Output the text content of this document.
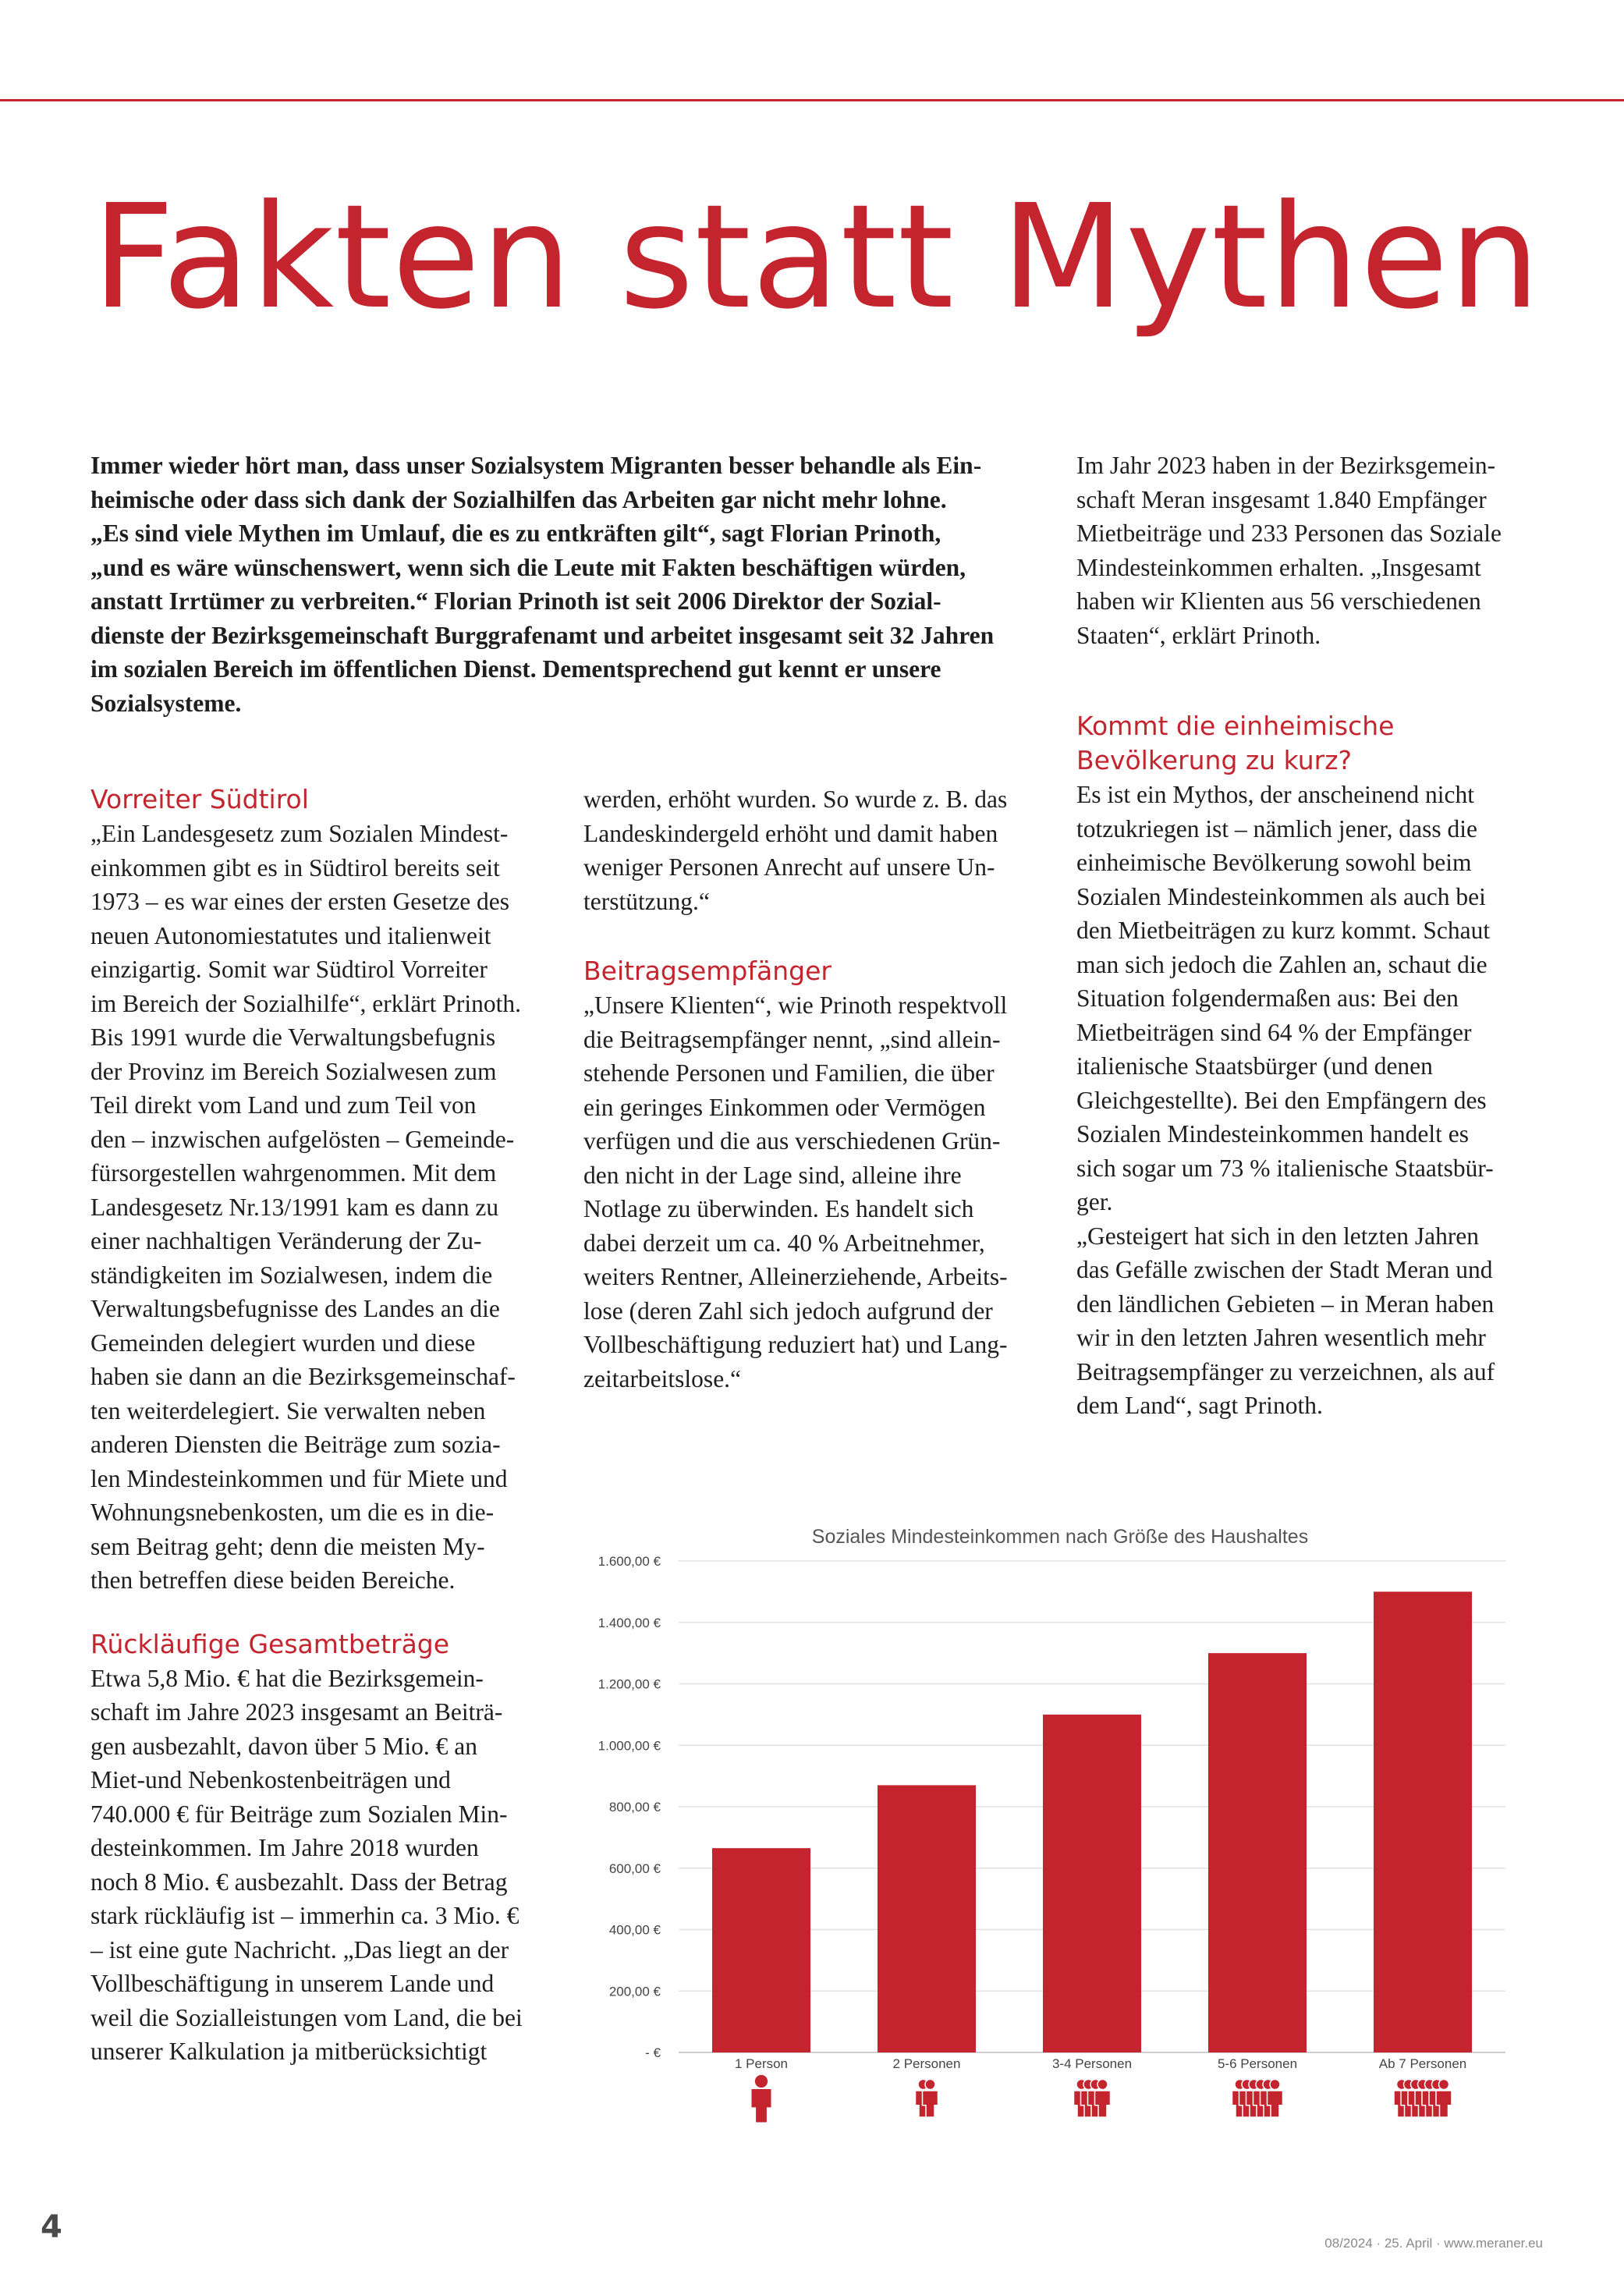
Fakten statt Mythen

Immer wieder hört man, dass unser Sozialsystem Migranten besser behandle als Ein-

heimische oder dass sich dank der Sozialhilfen das Arbeiten gar nicht mehr lohne.

„Es sind viele Mythen im Umlauf, die es zu entkräften gilt“, sagt Florian Prinoth,

„und es wäre wünschenswert, wenn sich die Leute mit Fakten beschäftigen würden,

anstatt Irrtümer zu verbreiten.“ Florian Prinoth ist seit 2006 Direktor der Sozial-

dienste der Bezirksgemeinschaft Burggrafenamt und arbeitet insgesamt seit 32 Jahren

im sozialen Bereich im öffentlichen Dienst. Dementsprechend gut kennt er unsere

Sozialsysteme.

Im Jahr 2023 haben in der Bezirksgemein-

schaft Meran insgesamt 1.840 Empfänger

Mietbeiträge und 233 Personen das Soziale

Mindesteinkommen erhalten. „Insgesamt

haben wir Klienten aus 56 verschiedenen

Staaten“, erklärt Prinoth.

Vorreiter Südtirol

„Ein Landesgesetz zum Sozialen Mindest-

einkommen gibt es in Südtirol bereits seit

1973 – es war eines der ersten Gesetze des

neuen Autonomiestatutes und italienweit

einzigartig. Somit war Südtirol Vorreiter

im Bereich der Sozialhilfe“, erklärt Prinoth.

Bis 1991 wurde die Verwaltungsbefugnis

der Provinz im Bereich Sozialwesen zum

Teil direkt vom Land und zum Teil von

den – inzwischen aufgelösten – Gemeinde-

fürsorgestellen wahrgenommen. Mit dem

Landesgesetz Nr.13/1991 kam es dann zu

einer nachhaltigen Veränderung der Zu-

ständigkeiten im Sozialwesen, indem die

Verwaltungsbefugnisse des Landes an die

Gemeinden delegiert wurden und diese

haben sie dann an die Bezirksgemeinschaf-

ten weiterdelegiert. Sie verwalten neben

anderen Diensten die Beiträge zum sozia-

len Mindesteinkommen und für Miete und

Wohnungsnebenkosten, um die es in die-

sem Beitrag geht; denn die meisten My-

then betreffen diese beiden Bereiche.

Rückläufige Gesamtbeträge

Etwa 5,8 Mio. € hat die Bezirksgemein-

schaft im Jahre 2023 insgesamt an Beiträ-

gen ausbezahlt, davon über 5 Mio. € an

Miet-und Nebenkostenbeiträgen und

740.000 € für Beiträge zum Sozialen Min-

desteinkommen. Im Jahre 2018 wurden

noch 8 Mio. € ausbezahlt. Dass der Betrag

stark rückläufig ist – immerhin ca. 3 Mio. €

– ist eine gute Nachricht. „Das liegt an der

Vollbeschäftigung in unserem Lande und

weil die Sozialleistungen vom Land, die bei

unserer Kalkulation ja mitberücksichtigt

werden, erhöht wurden. So wurde z. B. das

Landeskindergeld erhöht und damit haben

weniger Personen Anrecht auf unsere Un-

terstützung.“

Beitragsempfänger

„Unsere Klienten“, wie Prinoth respektvoll

die Beitragsempfänger nennt, „sind allein-

stehende Personen und Familien, die über

ein geringes Einkommen oder Vermögen

verfügen und die aus verschiedenen Grün-

den nicht in der Lage sind, alleine ihre

Notlage zu überwinden. Es handelt sich

dabei derzeit um ca. 40 % Arbeitnehmer,

weiters Rentner, Alleinerziehende, Arbeits-

lose (deren Zahl sich jedoch aufgrund der

Vollbeschäftigung reduziert hat) und Lang-

zeitarbeitslose.“

Kommt die einheimische
Bevölkerung zu kurz?

Es ist ein Mythos, der anscheinend nicht

totzukriegen ist – nämlich jener, dass die

einheimische Bevölkerung sowohl beim

Sozialen Mindesteinkommen als auch bei

den Mietbeiträgen zu kurz kommt. Schaut

man sich jedoch die Zahlen an, schaut die

Situation folgendermaßen aus: Bei den

Mietbeiträgen sind 64 % der Empfänger

italienische Staatsbürger (und denen

Gleichgestellte). Bei den Empfängern des

Sozialen Mindesteinkommen handelt es

sich sogar um 73 % italienische Staatsbür-

ger.

„Gesteigert hat sich in den letzten Jahren

das Gefälle zwischen der Stadt Meran und

den ländlichen Gebieten – in Meran haben

wir in den letzten Jahren wesentlich mehr

Beitragsempfänger zu verzeichnen, als auf

dem Land“, sagt Prinoth.

Soziales Mindesteinkommen nach Größe des Haushaltes
- €
200,00 €
400,00 €
600,00 €
800,00 €
1.000,00 €
1.200,00 €
1.400,00 €
1.600,00 €
1 Person	2 Personen	3-4 Personen	5-6 Personen	Ab 7 Personen
08/2024 · 25. April · www.meraner.eu
4
